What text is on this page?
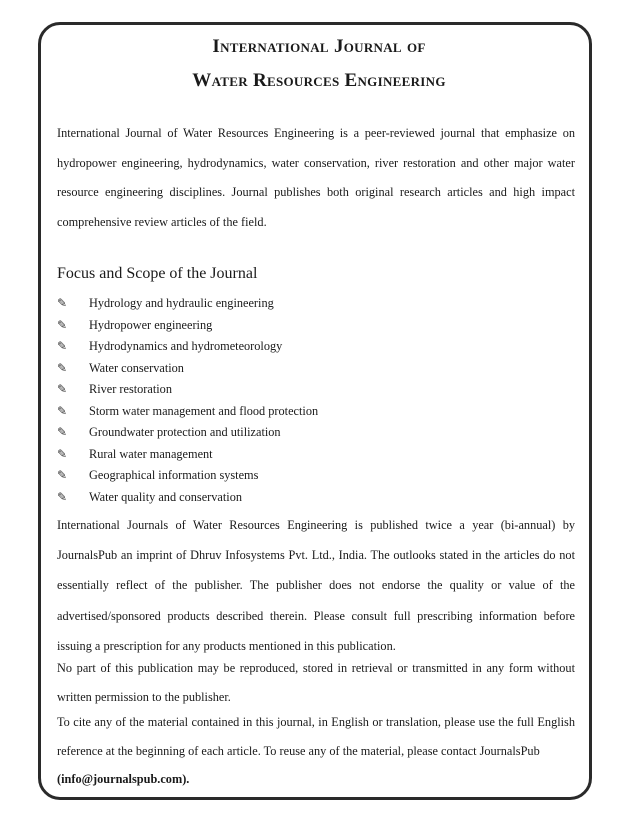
International Journal of
Water Resources Engineering

International Journal of Water Resources Engineering is a peer-reviewed journal that emphasize on hydropower engineering, hydrodynamics, water conservation, river restoration and other major water resource engineering disciplines. Journal publishes both original research articles and high impact comprehensive review articles of the field.

Focus and Scope of the Journal
✎	Hydrology and hydraulic engineering
✎	Hydropower engineering
✎	Hydrodynamics and hydrometeorology
✎	Water conservation
✎	River restoration
✎	Storm water management and flood protection
✎	Groundwater protection and utilization
✎	Rural water management
✎	Geographical information systems
✎	Water quality and conservation

International Journals of Water Resources Engineering is published twice a year (bi-annual) by JournalsPub an imprint of Dhruv Infosystems Pvt. Ltd., India. The outlooks stated in the articles do not essentially reflect of the publisher. The publisher does not endorse the quality or value of the advertised/sponsored products described therein. Please consult full prescribing information before issuing a prescription for any products mentioned in this publication.

No part of this publication may be reproduced, stored in retrieval or transmitted in any form without written permission to the publisher.

To cite any of the material contained in this journal, in English or translation, please use the full English reference at the beginning of each article. To reuse any of the material, please contact JournalsPub
(info@journalspub.com).
